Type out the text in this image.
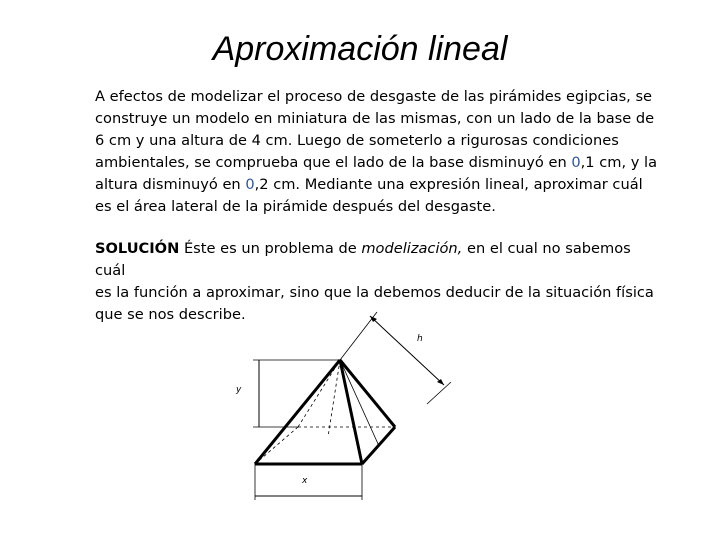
Aproximación lineal
A efectos de modelizar el proceso de desgaste de las pirámides egipcias, se
construye un modelo en miniatura de las mismas, con un lado de la base de
6 cm y una altura de 4 cm. Luego de someterlo a rigurosas condiciones
ambientales, se comprueba que el lado de la base disminuyó en 0,1 cm, y la
altura disminuyó en 0,2 cm. Mediante una expresión lineal, aproximar cuál
es el área lateral de la pirámide después del desgaste.
SOLUCIÓN Éste es un problema de modelización, en el cual no sabemos cuál
es la función a aproximar, sino que la debemos deducir de la situación física
que se nos describe.
h
y
x
